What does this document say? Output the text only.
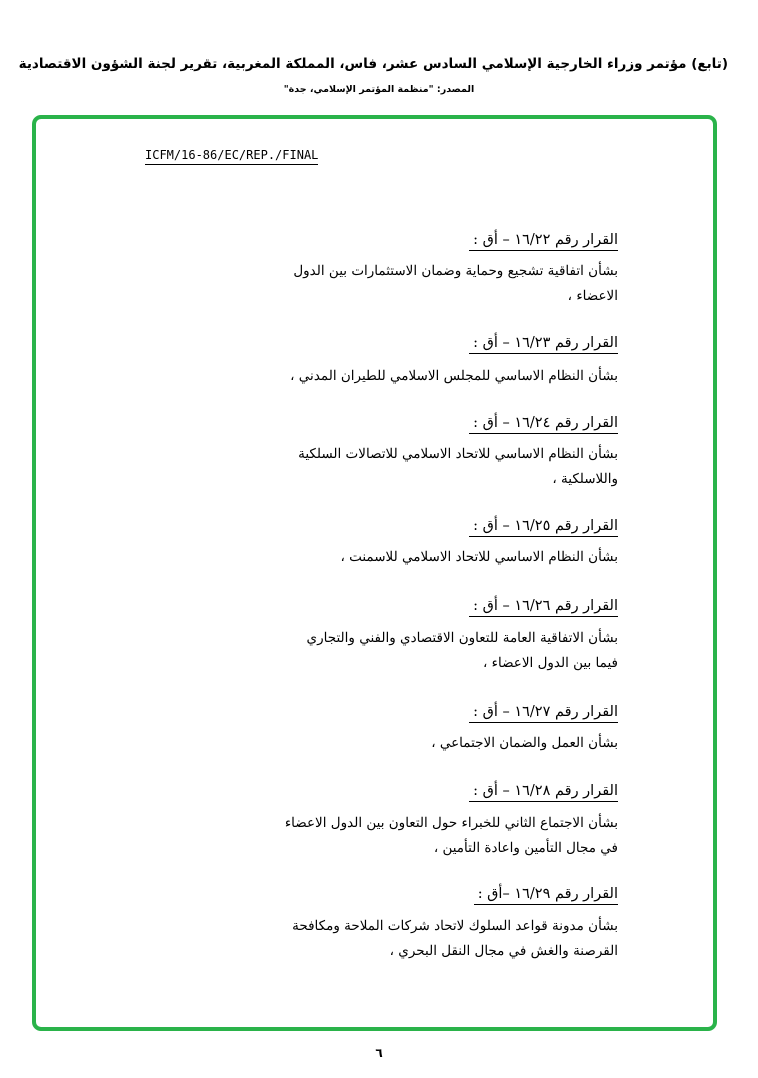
(تابع) مؤتمر وزراء الخارجية الإسلامي السادس عشر، فاس، المملكة المغربية، تقرير لجنة الشؤون الاقتصادية
المصدر: "منظمة المؤتمر الإسلامي، جدة"
ICFM/16-86/EC/REP./FINAL
القرار رقم ١٦/٢٢ – أق :
بشأن اتفاقية تشجيع وحماية وضمان الاستثمارات بين الدول
الاعضاء ،
القرار رقم ١٦/٢٣ – أق :
بشأن النظام الاساسي للمجلس الاسلامي للطيران المدني ،
القرار رقم ١٦/٢٤ – أق :
بشأن النظام الاساسي للاتحاد الاسلامي للاتصالات السلكية
واللاسلكية ،
القرار رقم ١٦/٢٥ – أق :
بشأن النظام الاساسي للاتحاد الاسلامي للاسمنت ،
القرار رقم ١٦/٢٦ – أق :
بشأن الاتفاقية العامة للتعاون الاقتصادي والفني والتجاري
فيما بين الدول الاعضاء ،
القرار رقم ١٦/٢٧ – أق :
بشأن العمل والضمان الاجتماعي ،
القرار رقم ١٦/٢٨ – أق :
بشأن الاجتماع الثاني للخبراء حول التعاون بين الدول الاعضاء
في مجال التأمين واعادة التأمين ،
القرار رقم ١٦/٢٩ –أق :
بشأن مدونة قواعد السلوك لاتحاد شركات الملاحة ومكافحة
القرصنة والغش في مجال النقل البحري ،
٦
